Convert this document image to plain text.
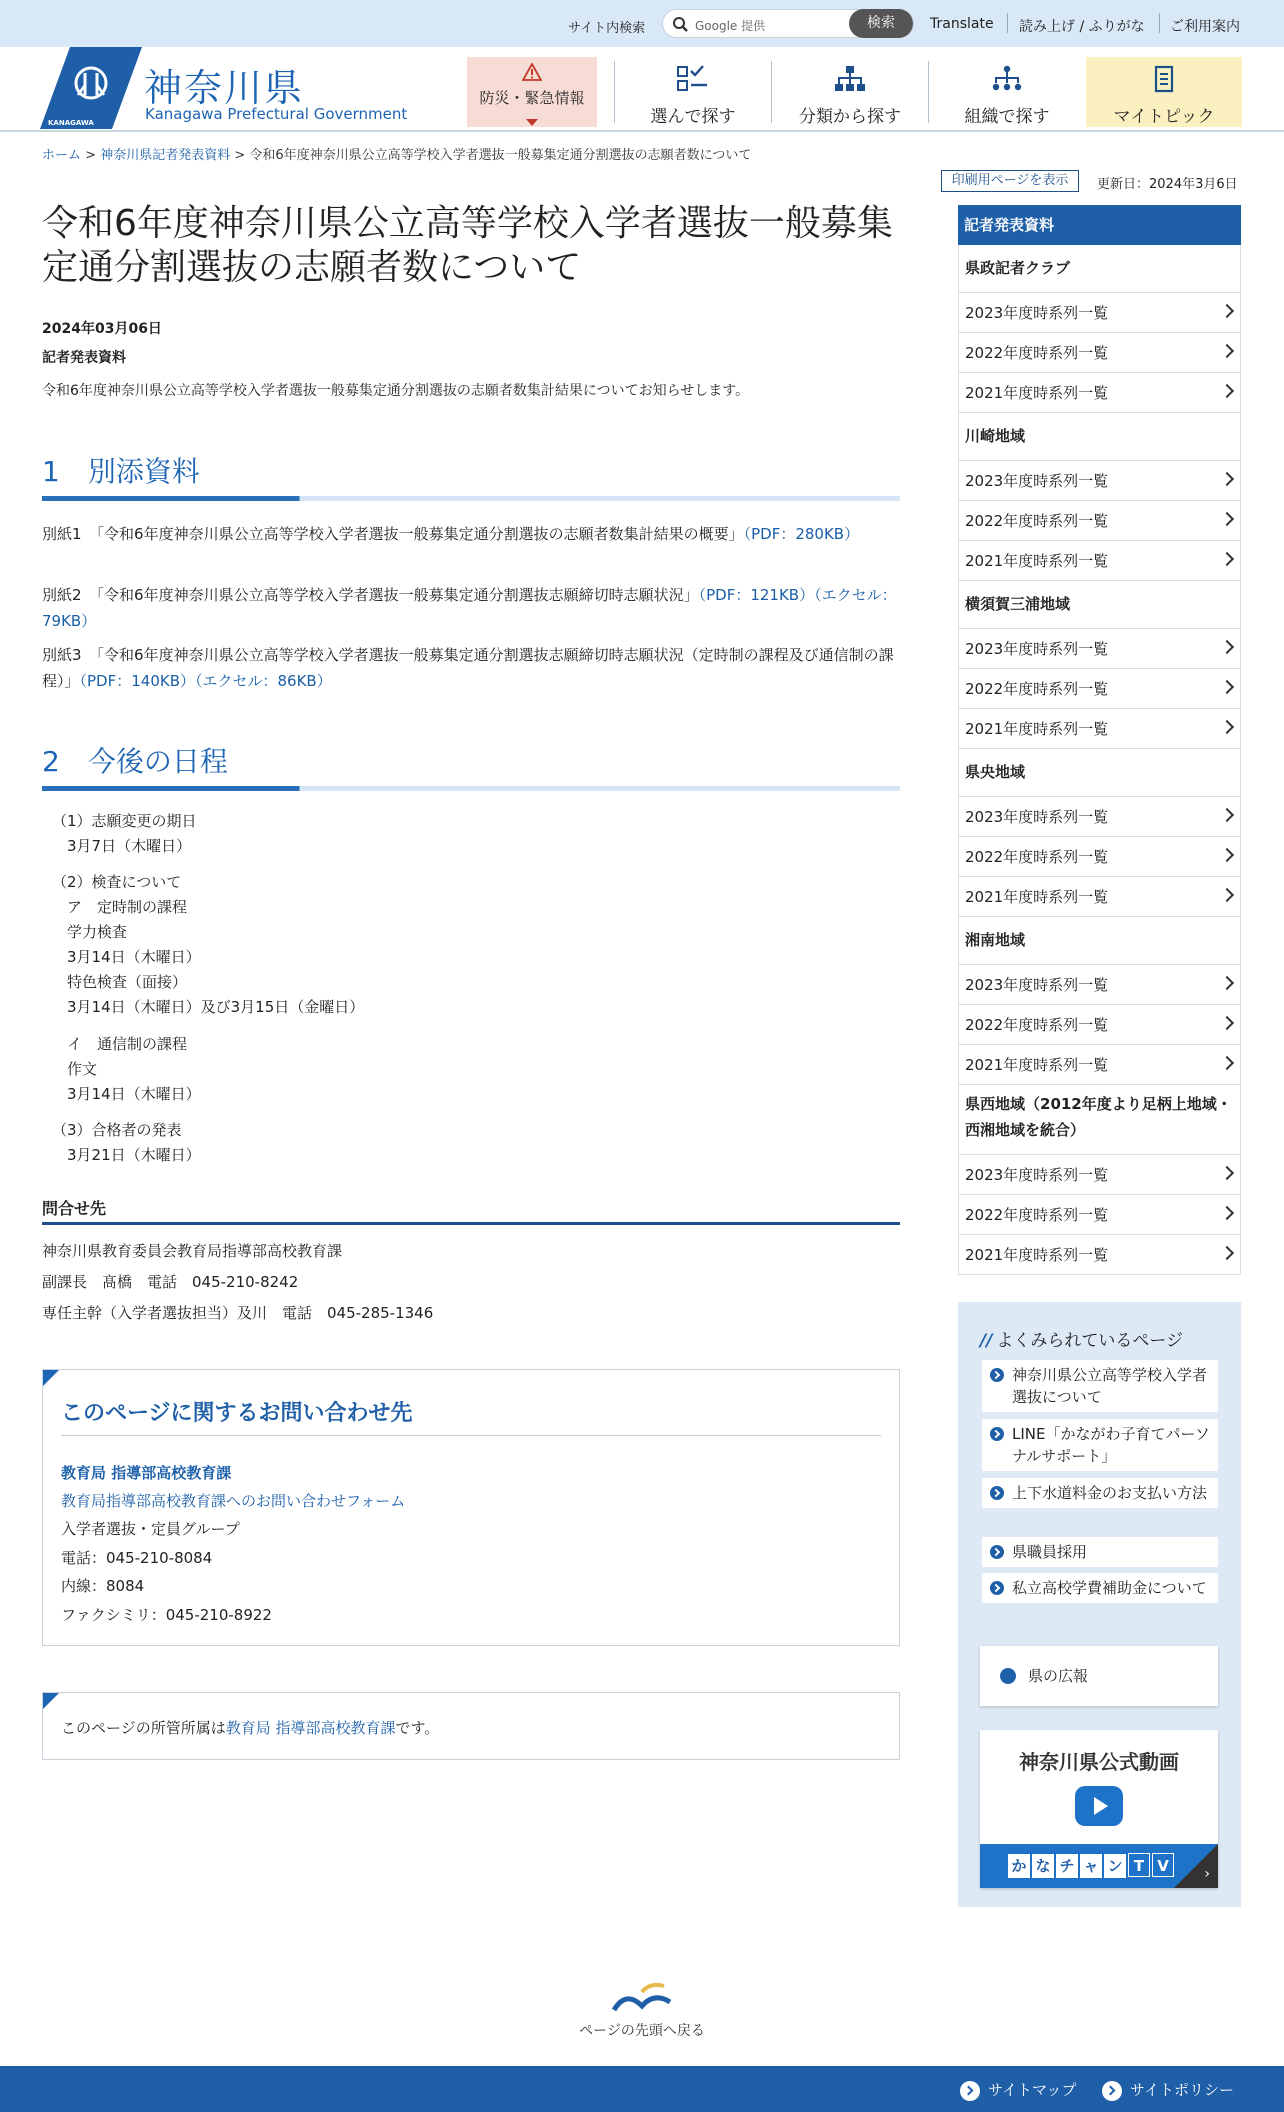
サイト内検索	Google 提供	検索	Translate 読み上げ / ふりがな ご利用案内
KANAGAWA
神奈川県
Kanagawa Prefectural Government
防災・緊急情報
選んで探す	分類から探す	組織で探す	マイトピック
ホーム > 神奈川県記者発表資料 > 令和6年度神奈川県公立高等学校入学者選抜一般募集定通分割選抜の志願者数について
印刷用ページを表示	更新日：2024年3月6日
令和6年度神奈川県公立高等学校入学者選抜一般募集
定通分割選抜の志願者数について
2024年03月06日
記者発表資料
令和6年度神奈川県公立高等学校入学者選抜一般募集定通分割選抜の志願者数集計結果についてお知らせします。
1　別添資料
別紙1　「令和6年度神奈川県公立高等学校入学者選抜一般募集定通分割選抜の志願者数集計結果の概要」（PDF：280KB）
別紙2　「令和6年度神奈川県公立高等学校入学者選抜一般募集定通分割選抜志願締切時志願状況」（PDF：121KB）（エクセル：79KB）
別紙3　「令和6年度神奈川県公立高等学校入学者選抜一般募集定通分割選抜志願締切時志願状況（定時制の課程及び通信制の課程）」（PDF：140KB）（エクセル：86KB）
2　今後の日程
（1）志願変更の期日
　3月7日（木曜日）
（2）検査について
　ア　定時制の課程
　学力検査
　3月14日（木曜日）
　特色検査（面接）
　3月14日（木曜日）及び3月15日（金曜日）
　イ　通信制の課程
　作文
　3月14日（木曜日）
（3）合格者の発表
　3月21日（木曜日）
問合せ先
神奈川県教育委員会教育局指導部高校教育課
副課長　髙橋　電話　045-210-8242
専任主幹（入学者選抜担当）及川　電話　045-285-1346
このページに関するお問い合わせ先
教育局 指導部高校教育課
教育局指導部高校教育課へのお問い合わせフォーム
入学者選抜・定員グループ
電話：045-210-8084
内線：8084
ファクシミリ：045-210-8922
このページの所管所属は教育局 指導部高校教育課です。
記者発表資料
県政記者クラブ
2023年度時系列一覧
2022年度時系列一覧
2021年度時系列一覧
川崎地域
2023年度時系列一覧
2022年度時系列一覧
2021年度時系列一覧
横須賀三浦地域
2023年度時系列一覧
2022年度時系列一覧
2021年度時系列一覧
県央地域
2023年度時系列一覧
2022年度時系列一覧
2021年度時系列一覧
湘南地域
2023年度時系列一覧
2022年度時系列一覧
2021年度時系列一覧
県西地域（2012年度より足柄上地域・西湘地域を統合）
2023年度時系列一覧
2022年度時系列一覧
2021年度時系列一覧
// よくみられているページ
神奈川県公立高等学校入学者選抜について
LINE「かながわ子育てパーソナルサポート」
上下水道料金のお支払い方法
県職員採用
私立高校学費補助金について
県の広報
神奈川県公式動画
か な チ ャ ン T V	›
ページの先頭へ戻る
サイトマップ	サイトポリシー
